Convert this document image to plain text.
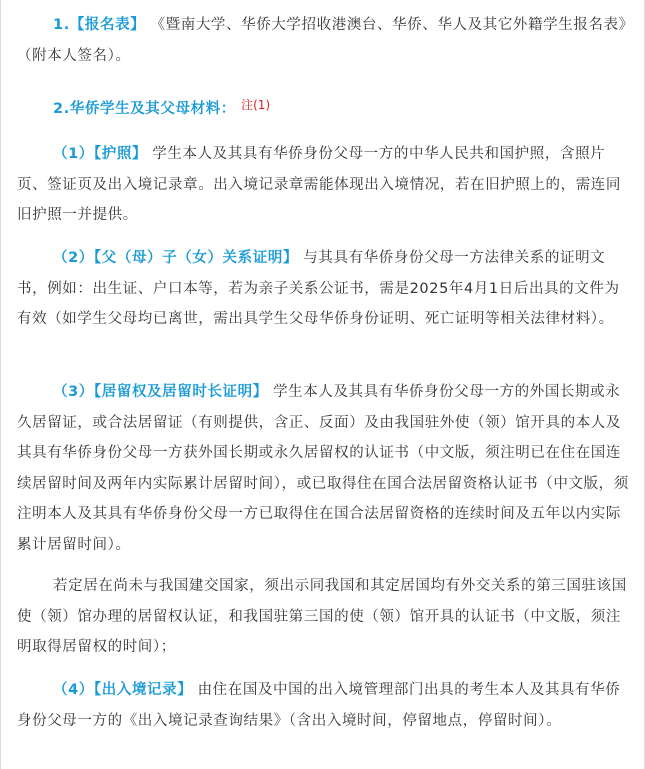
1.【报名表】 《暨南大学、华侨大学招收港澳台、华侨、华人及其它外籍学生报名表》（附本人签名）。

2.华侨学生及其父母材料： $^{注(1)}$

（1）【护照】 学生本人及其具有华侨身份父母一方的中华人民共和国护照，含照片页、签证页及出入境记录章。出入境记录章需能体现出入境情况，若在旧护照上的，需连同旧护照一并提供。

（2）【父（母）子（女）关系证明】 与其具有华侨身份父母一方法律关系的证明文书，例如：出生证、户口本等，若为亲子关系公证书，需是2025年4月1日后出具的文件为有效（如学生父母均已离世，需出具学生父母华侨身份证明、死亡证明等相关法律材料）。

（3）【居留权及居留时长证明】 学生本人及其具有华侨身份父母一方的外国长期或永久居留证，或合法居留证（有则提供，含正、反面）及由我国驻外使（领）馆开具的本人及其具有华侨身份父母一方获外国长期或永久居留权的认证书（中文版，须注明已在住在国连续居留时间及两年内实际累计居留时间），或已取得住在国合法居留资格认证书（中文版，须注明本人及其具有华侨身份父母一方已取得住在国合法居留资格的连续时间及五年以内实际累计居留时间）。

若定居在尚未与我国建交国家，须出示同我国和其定居国均有外交关系的第三国驻该国使（领）馆办理的居留权认证，和我国驻第三国的使（领）馆开具的认证书（中文版，须注明取得居留权的时间）；

（4）【出入境记录】 由住在国及中国的出入境管理部门出具的考生本人及其具有华侨身份父母一方的《出入境记录查询结果》（含出入境时间，停留地点，停留时间）。
